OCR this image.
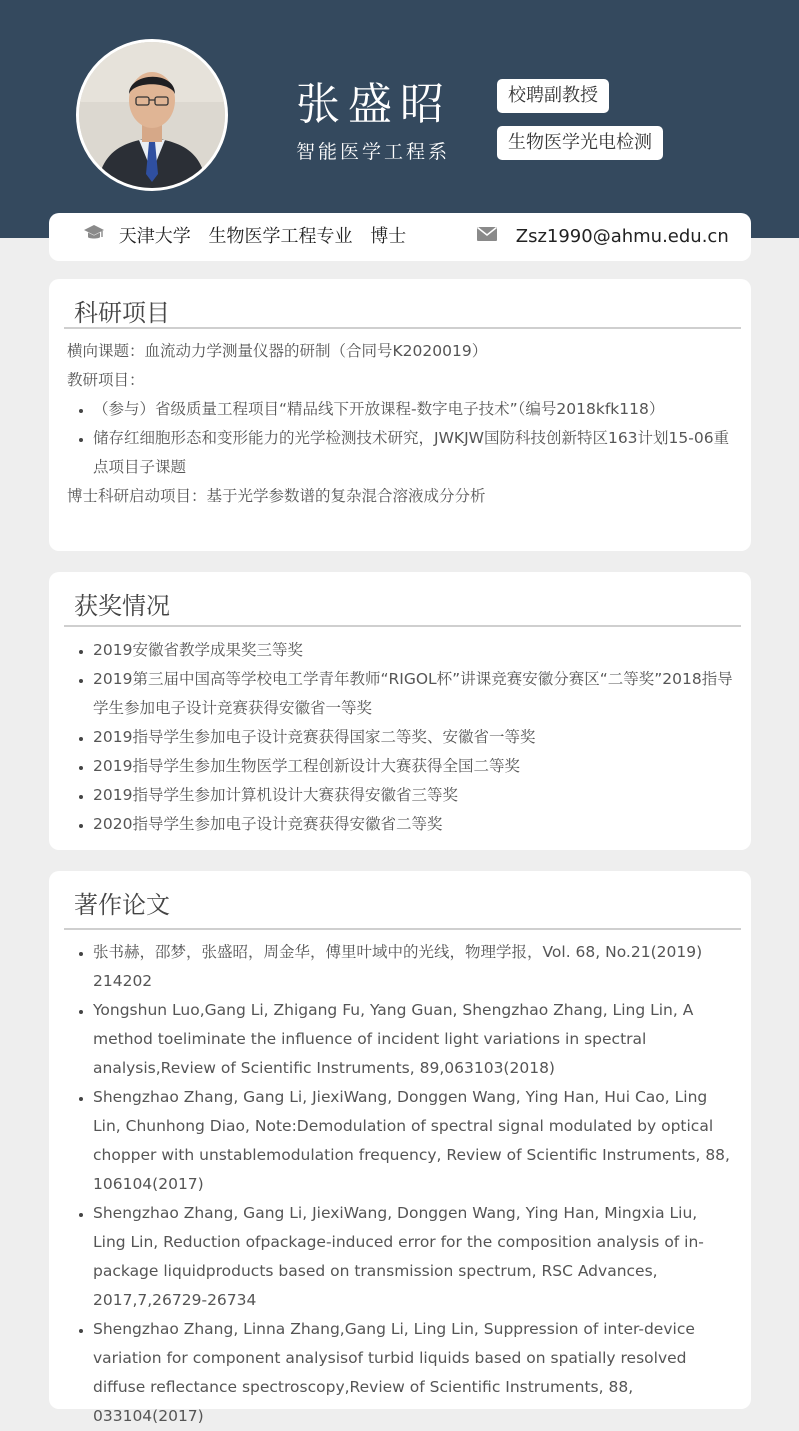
张盛昭
智能医学工程系
校聘副教授
生物医学光电检测
天津大学 生物医学工程专业 博士	Zsz1990@ahmu.edu.cn
科研项目

横向课题：血流动力学测量仪器的研制（合同号K2020019）

教研项目：

• （参与）省级质量工程项目“精品线下开放课程-数字电子技术”（编号2018kfk118）
• 储存红细胞形态和变形能力的光学检测技术研究，JWKJW国防科技创新特区163计划15-06重点项目子课题

博士科研启动项目：基于光学参数谱的复杂混合溶液成分分析

获奖情况
• 2019安徽省教学成果奖三等奖
• 2019第三届中国高等学校电工学青年教师“RIGOL杯”讲课竞赛安徽分赛区“二等奖”2018指导学生参加电子设计竞赛获得安徽省一等奖
• 2019指导学生参加电子设计竞赛获得国家二等奖、安徽省一等奖
• 2019指导学生参加生物医学工程创新设计大赛获得全国二等奖
• 2019指导学生参加计算机设计大赛获得安徽省三等奖
• 2020指导学生参加电子设计竞赛获得安徽省二等奖
著作论文
• 张书赫，邵梦，张盛昭，周金华，傅里叶域中的光线，物理学报，Vol. 68, No.21(2019) 214202
• Yongshun Luo,Gang Li, Zhigang Fu, Yang Guan, Shengzhao Zhang, Ling Lin, A method toeliminate the influence of incident light variations in spectral analysis,Review of Scientific Instruments, 89,063103(2018)
• Shengzhao Zhang, Gang Li, JiexiWang, Donggen Wang, Ying Han, Hui Cao, Ling Lin, Chunhong Diao, Note:Demodulation of spectral signal modulated by optical chopper with unstablemodulation frequency, Review of Scientific Instruments, 88, 106104(2017)
• Shengzhao Zhang, Gang Li, JiexiWang, Donggen Wang, Ying Han, Mingxia Liu, Ling Lin, Reduction ofpackage-induced error for the composition analysis of in-package liquidproducts based on transmission spectrum, RSC Advances, 2017,7,26729-26734
• Shengzhao Zhang, Linna Zhang,Gang Li, Ling Lin, Suppression of inter-device variation for component analysisof turbid liquids based on spatially resolved diffuse reflectance spectroscopy,Review of Scientific Instruments, 88, 033104(2017)
